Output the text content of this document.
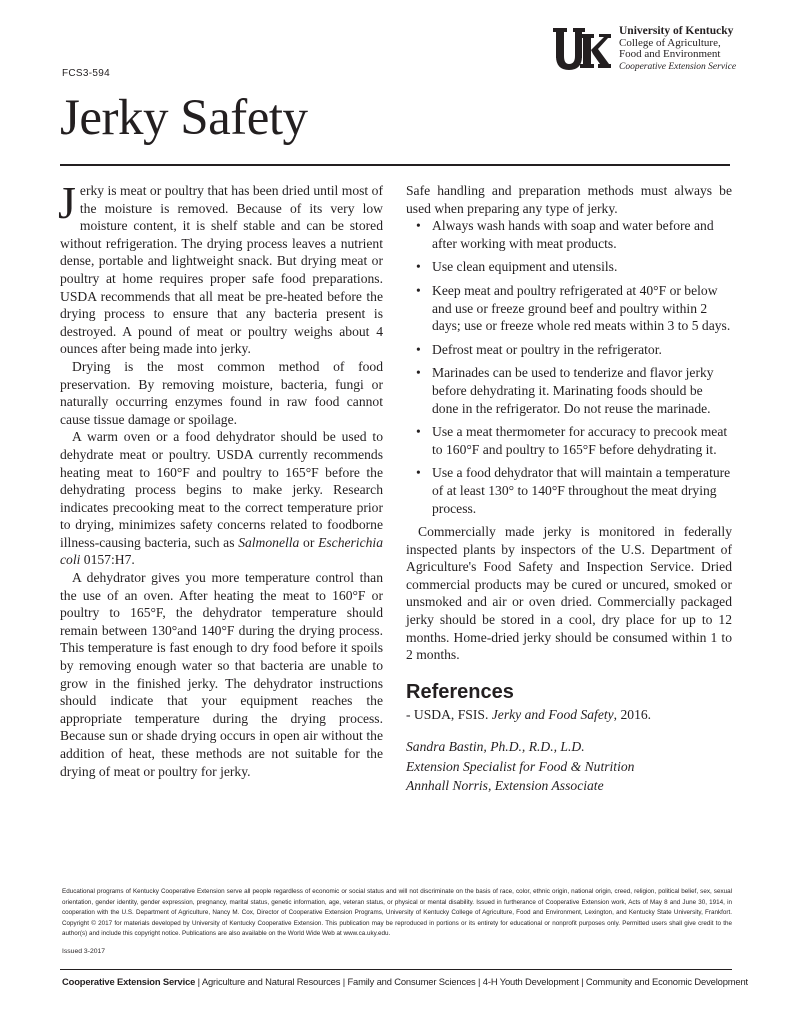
FCS3-594
University of Kentucky
College of Agriculture,
Food and Environment
Cooperative Extension Service
Jerky Safety

Jerky is meat or poultry that has been dried until most of the moisture is removed. Because of its very low moisture content, it is shelf stable and can be stored without refrigeration. The drying process leaves a nutrient dense, portable and lightweight snack. But drying meat or poultry at home requires proper safe food preparations. USDA recommends that all meat be pre-heated before the drying process to ensure that any bacteria present is destroyed. A pound of meat or poultry weighs about 4 ounces after being made into jerky.

Drying is the most common method of food preservation. By removing moisture, bacteria, fungi or naturally occurring enzymes found in raw food cannot cause tissue damage or spoilage.

A warm oven or a food dehydrator should be used to dehydrate meat or poultry. USDA currently recommends heating meat to 160°F and poultry to 165°F before the dehydrating process begins to make jerky. Research indicates precooking meat to the correct temperature prior to drying, minimizes safety concerns related to foodborne illness-causing bacteria, such as Salmonella or Escherichia coli 0157:H7.

A dehydrator gives you more temperature control than the use of an oven. After heating the meat to 160°F or poultry to 165°F, the dehydrator temperature should remain between 130°and 140°F during the drying process. This temperature is fast enough to dry food before it spoils by removing enough water so that bacteria are unable to grow in the finished jerky. The dehydrator instructions should indicate that your equipment reaches the appropriate temperature during the drying process. Because sun or shade drying occurs in open air without the addition of heat, these methods are not suitable for the drying of meat or poultry for jerky.

Safe handling and preparation methods must always be used when preparing any type of jerky.

• Always wash hands with soap and water before and after working with meat products.
• Use clean equipment and utensils.
• Keep meat and poultry refrigerated at 40°F or below and use or freeze ground beef and poultry within 2 days; use or freeze whole red meats within 3 to 5 days.
• Defrost meat or poultry in the refrigerator.
• Marinades can be used to tenderize and flavor jerky before dehydrating it. Marinating foods should be done in the refrigerator. Do not reuse the marinade.
• Use a meat thermometer for accuracy to precook meat to 160°F and poultry to 165°F before dehydrating it.
• Use a food dehydrator that will maintain a temperature of at least 130° to 140°F throughout the meat drying process.

Commercially made jerky is monitored in federally inspected plants by inspectors of the U.S. Department of Agriculture's Food Safety and Inspection Service. Dried commercial products may be cured or uncured, smoked or unsmoked and air or oven dried. Commercially packaged jerky should be stored in a cool, dry place for up to 12 months. Home-dried jerky should be consumed within 1 to 2 months.

References

- USDA, FSIS. Jerky and Food Safety, 2016.

Sandra Bastin, Ph.D., R.D., L.D.
Extension Specialist for Food & Nutrition
Annhall Norris, Extension Associate

Educational programs of Kentucky Cooperative Extension serve all people regardless of economic or social status and will not discriminate on the basis of race, color, ethnic origin, national origin, creed, religion, political belief, sex, sexual orientation, gender identity, gender expression, pregnancy, marital status, genetic information, age, veteran status, or physical or mental disability. Issued in furtherance of Cooperative Extension work, Acts of May 8 and June 30, 1914, in cooperation with the U.S. Department of Agriculture, Nancy M. Cox, Director of Cooperative Extension Programs, University of Kentucky College of Agriculture, Food and Environment, Lexington, and Kentucky State University, Frankfort. Copyright © 2017 for materials developed by University of Kentucky Cooperative Extension. This publication may be reproduced in portions or its entirety for educational or nonprofit purposes only. Permitted users shall give credit to the author(s) and include this copyright notice. Publications are also available on the World Wide Web at www.ca.uky.edu.

Issued 3-2017
Cooperative Extension Service | Agriculture and Natural Resources | Family and Consumer Sciences | 4-H Youth Development | Community and Economic Development
